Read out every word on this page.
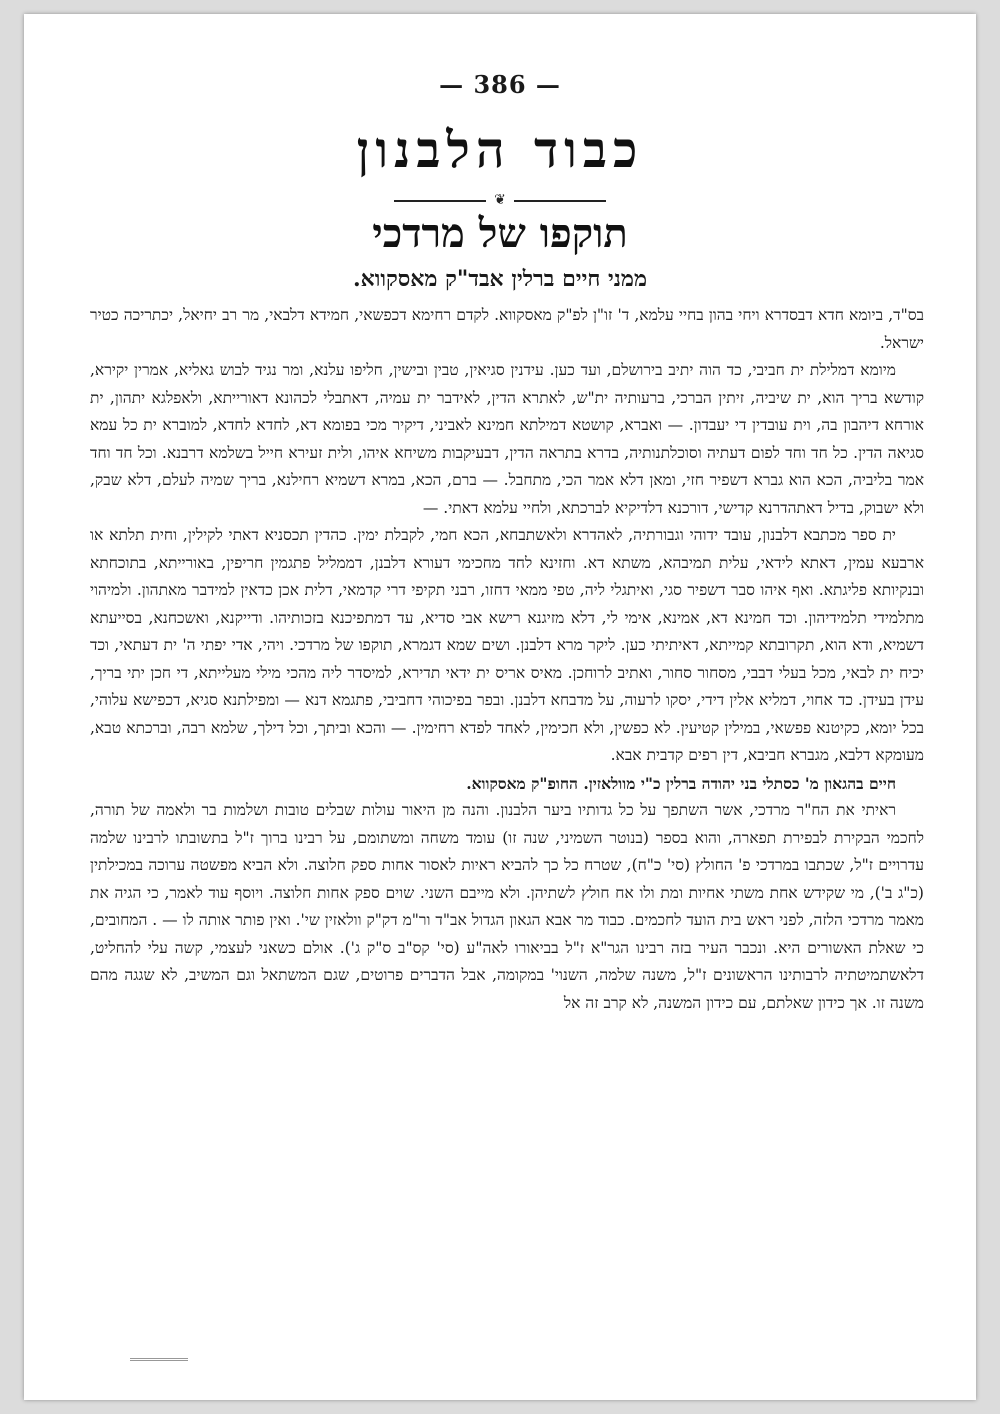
— 386 —
כבוד הלבנון
❦
תוקפו של מרדכי
ממני חיים ברלין אבד"ק מאסקווא.

בס"ד, ביומא חדא דבסדרא ויחי בהון בחיי עלמא, ד' זו"ן לפ"ק מאסקווא. לקדם רחימא דכפשאי, חמידא דלבאי, מר רב יחיאל, יכתריכה כטיר ישראל.

מיומא דמלילת ית חביבי, כד הוה יתיב בירושלם, ועד כען. עידנין סגיאין, טבין ובישין, חליפו עלנא, ומר נגיד לבוש גאליא, אמרין יקירא, קודשא בריך הוא, ית שיביה, זיתין הברכי, ברעותיה ית"ש, לאתרא הדין, לאידבר ית עמיה, דאתבלי לכהונא דאורייתא, ולאפלגא יתהון, ית אורחא דיהבון בה, וית עובדין די יעבדון. — ואברא, קושטא דמילתא חמינא לאביני, דיקיר מכי בפומא דא, לחדא לחדא, למוברא ית כל עמא סגיאה הדין. כל חד וחד לפום דעתיה וסוכלתנותיה, בדרא בתראה הדין, דבעיקבות משיחא איהו, ולית זעירא חייל בשלמא דרבנא. וכל חד וחד אמר בליביה, הכא הוא גברא דשפיר חזי, ומאן דלא אמר הכי, מתחבל. — ברם, הכא, במרא דשמיא רחילנא, בריך שמיה לעלם, דלא שבק, ולא ישבוק, בדיל דאתהדרנא קדישי, דורכנא דלדיקיא לברכתא, ולחיי עלמא דאתי. —

ית ספר מכתבא דלבנון, עובד ידוהי וגבורתיה, לאהדרא ולאשתבחא, הכא חמי, לקבלת ימין. כהדין תכסניא דאתי לקילין, וחית תלתא או ארבעא עמין, דאתא לידאי, עלית תמיבהא, משתא דא. וחזינא לחד מחכימי דעורא דלבנן, דממליל פתגמין חריפין, באורייתא, בתוכחתא ובנקיותא פליגתא. ואף איהו סבר דשפיר סגי, ואיתגלי ליה, טפי ממאי דחזו, רבני תקיפי דרי קדמאי, דלית אכן כדאין למידבר מאתהון. ולמיהוי מתלמידי תלמידיהון. וכד חמינא דא, אמינא, אימי לי, דלא מזיגנא רישא אבי סדיא, עד דמתפיכנא בזכותיהו. ודייקנא, ואשכחנא, בסייעתא דשמיא, ודא הוא, תקרובתא קמייתא, דאיתיתי כען. ליקר מרא דלבנן. ושים שמא דגמרא, תוקפו של מרדכי. ויהי, אדי יפתי ה' ית דעתאי, וכד יכיח ית לבאי, מכל בעלי דבבי, מסחור סחור, ואתיב לרוחכן. מאיס אריס ית ידאי תדירא, למיסדר ליה מהכי מילי מעלייתא, די חכן יתי בריך, עידן בעידן. כד אחוי, דמליא אלין דידי, יסקו לרעוה, על מדבחא דלבנן. ובפר בפיכוהי דחביבי, פתגמא דנא — ומפילתנא סגיא, דכפישא עלוהי, בכל יומא, כקיטנא פפשאי, במילין קטיעין. לא כפשין, ולא חכימין, לאחד לפדא רחימין. — והכא וביתך, וכל דילך, שלמא רבה, וברכתא טבא, מעומקא דלבא, מגברא חביבא, דין רפים קדבית אבא.

חיים בהגאון מ' כסתלי בני יהודה ברלין כ"י מוולאזין. החופ"ק מאסקווא.

ראיתי את הח"ר מרדכי, אשר השתפך על כל גדותיו ביער הלבנון. והנה מן היאור עולות שבלים טובות ושלמות בר ולאמה של תורה, לחכמי הבקירת לבפירת תפארה, והוא בספר (בנוטר השמיני, שנה זו) עומד משחה ומשתומם, על רבינו ברוך ז"ל בתשובתו לרבינו שלמה עדרויים ז"ל, שכתבו במרדכי פ' החולץ (סי' כ"ח), שטרח כל כך להביא ראיות לאסור אחות ספק חלוצה. ולא הביא מפשטה ערוכה במכילתין (כ"ג ב'), מי שקידש אחת משתי אחיות ומת ולו אח חולץ לשתיהן. ולא מייבם השני. שוים ספק אחות חלוצה. ויוסף עוד לאמר, כי הגיה את מאמר מרדכי הלזה, לפני ראש בית הועד לחכמים. כבוד מר אבא הגאון הגדול אב"ד ור"מ דק"ק וולאזין שי'. ואין פותר אותה לו — . המחובים, כי שאלת האשורים היא. ונכבר העיר בזה רבינו הגר"א ז"ל בביאורו לאה"ע (סי' קס"ב ס"ק ג'). אולם כשאני לעצמי, קשה עלי להחליט, דלאשתמיטתיה לרבותינו הראשונים ז"ל, משנה שלמה, השנוי' במקומה, אבל הדברים פרוטים, שגם המשתאל וגם המשיב, לא שגגה מהם משנה זו. אך כידון שאלתם, עם כידון המשנה, לא קרב זה אל
